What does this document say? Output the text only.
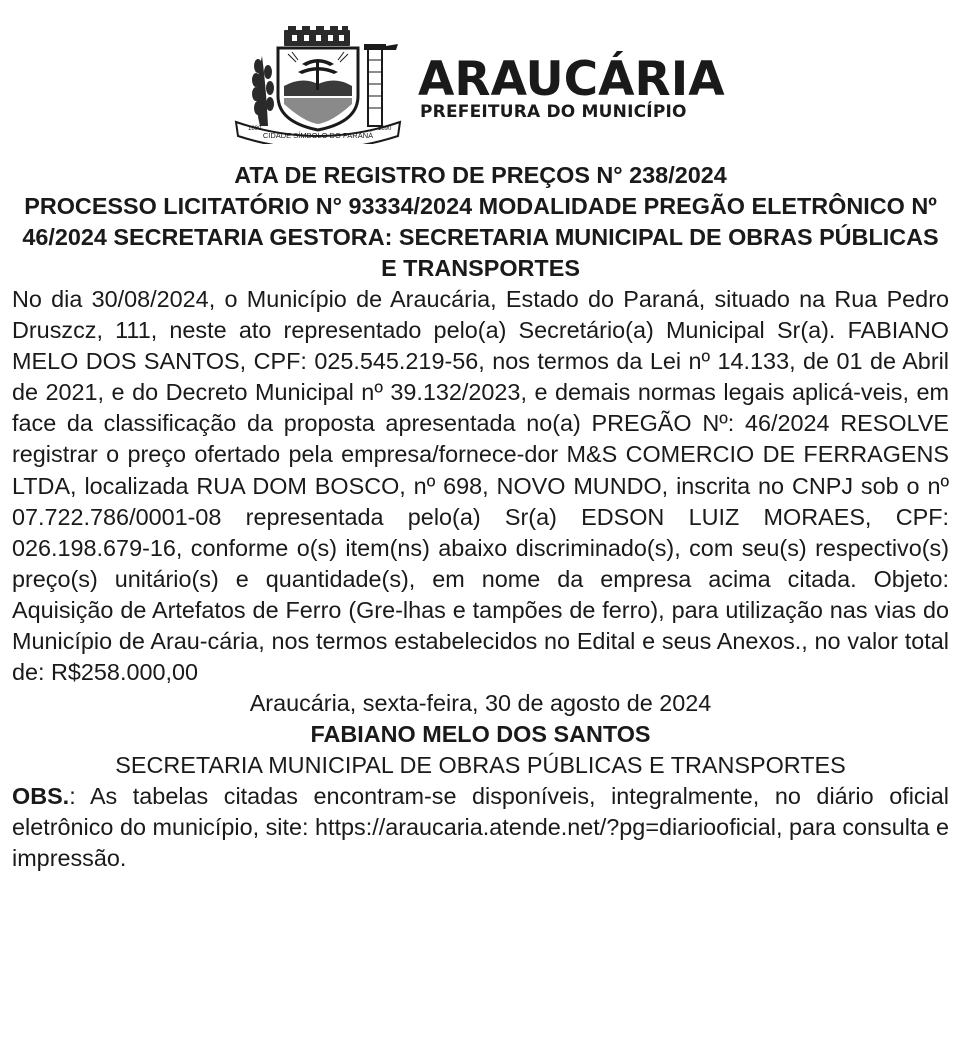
CIDADE SÍMBOLO DO PARANÁ
1890	1890
ARAUCÁRIA
PREFEITURA DO MUNICÍPIO

ATA DE REGISTRO DE PREÇOS N° 238/2024

PROCESSO LICITATÓRIO N° 93334/2024 MODALIDADE PREGÃO ELETRÔNICO Nº 46/2024 SECRETARIA GESTORA: SECRETARIA MUNICIPAL DE OBRAS PÚBLICAS E TRANSPORTES

No dia 30/08/2024, o Município de Araucária, Estado do Paraná, situado na Rua Pedro Druszcz, 111, neste ato representado pelo(a) Secretário(a) Municipal Sr(a). FABIANO MELO DOS SANTOS, CPF: 025.545.219-56, nos termos da Lei nº 14.133, de 01 de Abril de 2021, e do Decreto Municipal nº 39.132/2023, e demais normas legais aplicá-veis, em face da classificação da proposta apresentada no(a) PREGÃO Nº: 46/2024 RESOLVE registrar o preço ofertado pela empresa/fornece-dor M&S COMERCIO DE FERRAGENS LTDA, localizada RUA DOM BOSCO, nº 698, NOVO MUNDO, inscrita no CNPJ sob o nº 07.722.786/0001-08 representada pelo(a) Sr(a) EDSON LUIZ MORAES, CPF: 026.198.679-16, conforme o(s) item(ns) abaixo discriminado(s), com seu(s) respectivo(s) preço(s) unitário(s) e quantidade(s), em nome da empresa acima citada. Objeto: Aquisição de Artefatos de Ferro (Gre-lhas e tampões de ferro), para utilização nas vias do Município de Arau-cária, nos termos estabelecidos no Edital e seus Anexos., no valor total de: R$258.000,00

Araucária, sexta-feira, 30 de agosto de 2024

FABIANO MELO DOS SANTOS

SECRETARIA MUNICIPAL DE OBRAS PÚBLICAS E TRANSPORTES

OBS.: As tabelas citadas encontram-se disponíveis, integralmente, no diário oficial eletrônico do município, site: https://araucaria.atende.net/?pg=diariooficial, para consulta e impressão.
